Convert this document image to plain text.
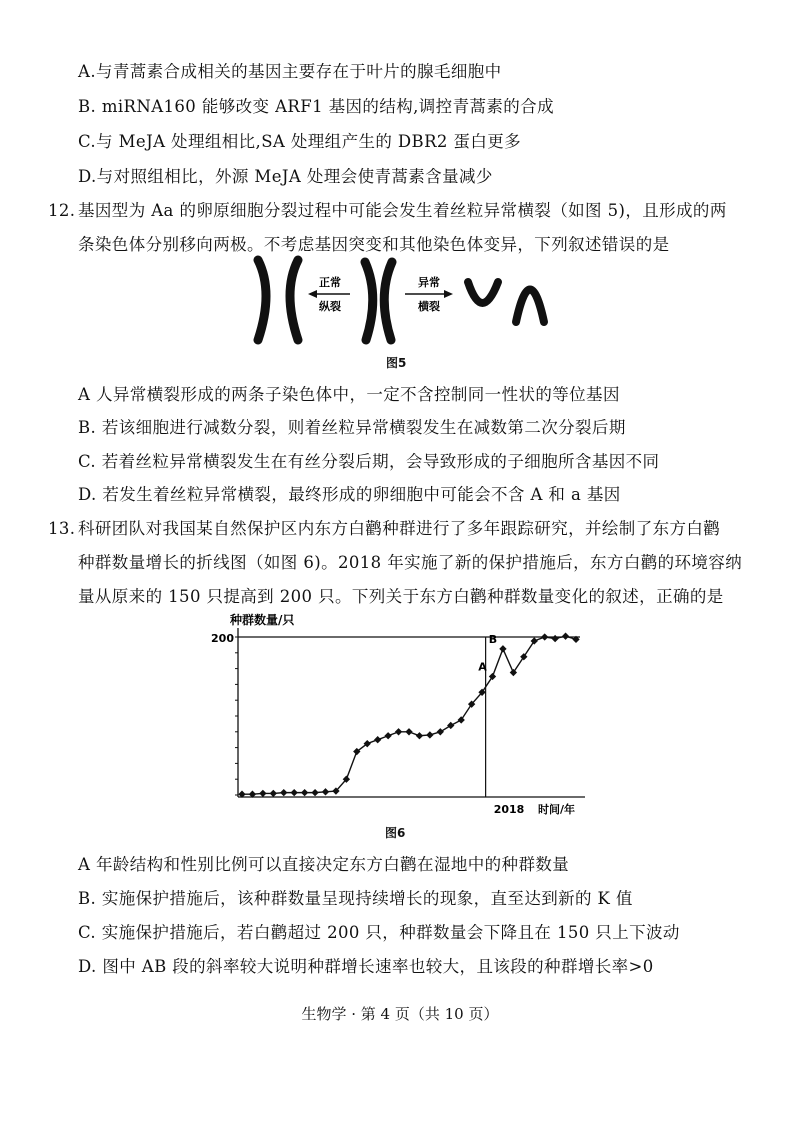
A.与青蒿素合成相关的基因主要存在于叶片的腺毛细胞中
B. miRNA160 能够改变 ARF1 基因的结构,调控青蒿素的合成
C.与 MeJA 处理组相比,SA 处理组产生的 DBR2 蛋白更多
D.与对照组相比，外源 MeJA 处理会使青蒿素含量减少
12. 基因型为 Aa 的卵原细胞分裂过程中可能会发生着丝粒异常横裂（如图 5)，且形成的两
条染色体分别移向两极。不考虑基因突变和其他染色体变异，下列叙述错误的是
正常
纵裂
异常
横裂
图5
A 人异常横裂形成的两条子染色体中，一定不含控制同一性状的等位基因
B. 若该细胞进行减数分裂，则着丝粒异常横裂发生在减数第二次分裂后期
C. 若着丝粒异常横裂发生在有丝分裂后期，会导致形成的子细胞所含基因不同
D. 若发生着丝粒异常横裂，最终形成的卵细胞中可能会不含 A 和 a 基因
13. 科研团队对我国某自然保护区内东方白鹳种群进行了多年跟踪研究，并绘制了东方白鹳
种群数量增长的折线图（如图 6)。2018 年实施了新的保护措施后，东方白鹳的环境容纳
量从原来的 150 只提高到 200 只。下列关于东方白鹳种群数量变化的叙述，正确的是
种群数量/只
200
2018 时间/年
A
B
图6
A 年龄结构和性别比例可以直接决定东方白鹳在湿地中的种群数量
B. 实施保护措施后，该种群数量呈现持续增长的现象，直至达到新的 K 值
C. 实施保护措施后，若白鹳超过 200 只，种群数量会下降且在 150 只上下波动
D. 图中 AB 段的斜率较大说明种群增长速率也较大，且该段的种群增长率>0
生物学 · 第 4 页（共 10 页）
